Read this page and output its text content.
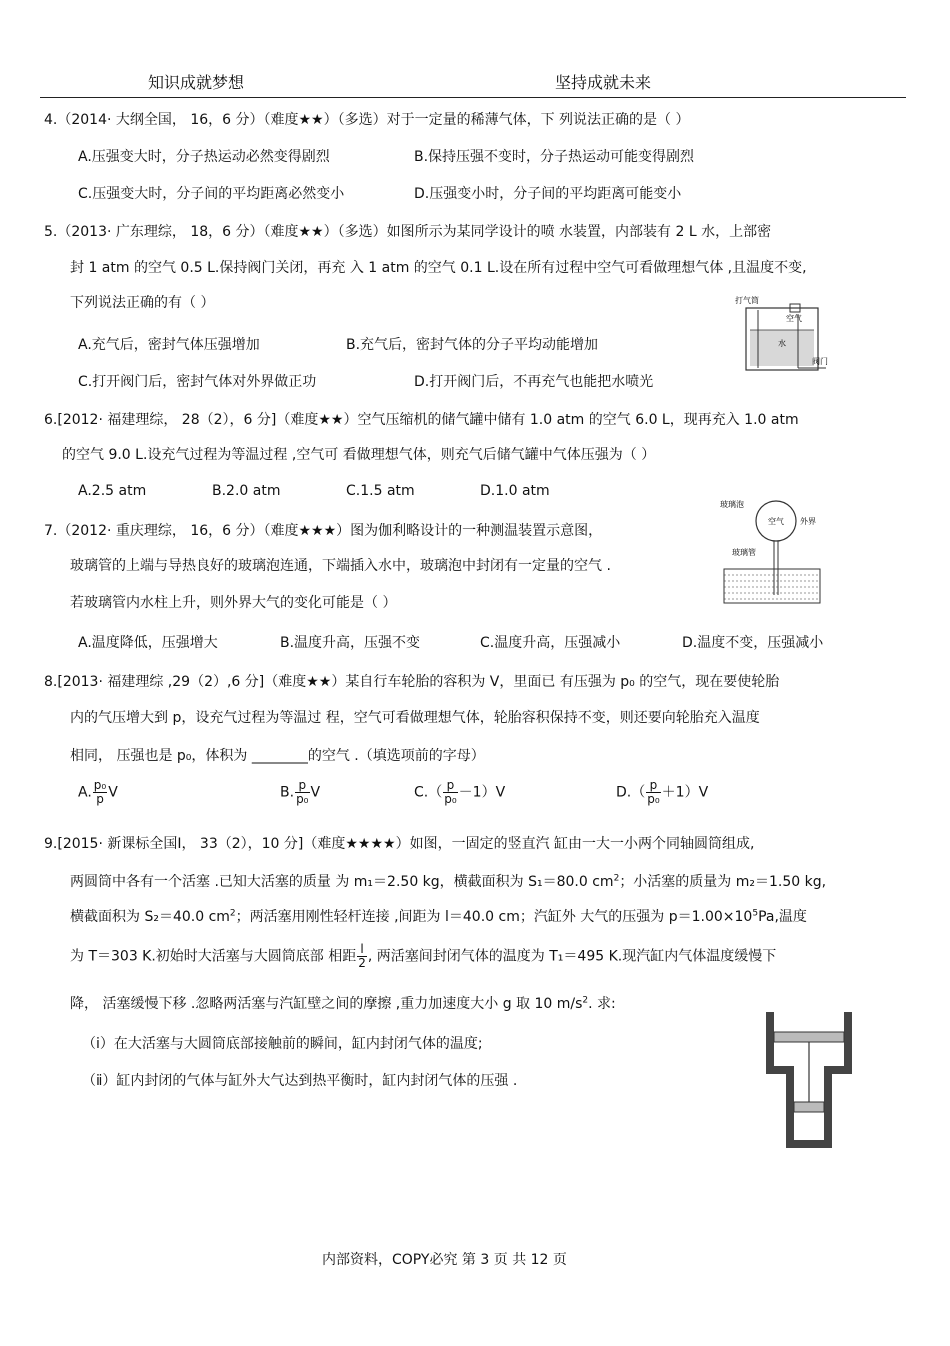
知识成就梦想	坚持成就未来
4.（2014· 大纲全国， 16，6 分）（难度★★）（多选）对于一定量的稀薄气体，下 列说法正确的是（ ）
A.压强变大时，分子热运动必然变得剧烈	B.保持压强不变时，分子热运动可能变得剧烈
C.压强变大时，分子间的平均距离必然变小	D.压强变小时，分子间的平均距离可能变小
5.（2013· 广东理综， 18，6 分）（难度★★）（多选）如图所示为某同学设计的喷 水装置，内部装有 2 L 水，上部密
封 1 atm 的空气 0.5 L.保持阀门关闭，再充 入 1 atm 的空气 0.1 L.设在所有过程中空气可看做理想气体 ,且温度不变,
下列说法正确的有（ ）
A.充气后，密封气体压强增加	B.充气后，密封气体的分子平均动能增加
C.打开阀门后，密封气体对外界做正功	D.打开阀门后，不再充气也能把水喷光
打气筒
空气
水
阀门
6.[2012· 福建理综， 28（2），6 分]（难度★★）空气压缩机的储气罐中储有 1.0 atm 的空气 6.0 L，现再充入 1.0 atm
的空气 9.0 L.设充气过程为等温过程 ,空气可 看做理想气体，则充气后储气罐中气体压强为（ ）
A.2.5 atm	B.2.0 atm	C.1.5 atm	D.1.0 atm
7.（2012· 重庆理综， 16，6 分）（难度★★★）图为伽利略设计的一种测温装置示意图，
玻璃管的上端与导热良好的玻璃泡连通，下端插入水中，玻璃泡中封闭有一定量的空气 .
若玻璃管内水柱上升，则外界大气的变化可能是（ ）
A.温度降低，压强增大	B.温度升高，压强不变	C.温度升高，压强减小	D.温度不变，压强减小
玻璃泡
空气 外界
玻璃管
8.[2013· 福建理综 ,29（2）,6 分]（难度★★）某自行车轮胎的容积为 V，里面已 有压强为 p₀ 的空气，现在要使轮胎
内的气压增大到 p，设充气过程为等温过 程，空气可看做理想气体，轮胎容积保持不变，则还要向轮胎充入温度
相同， 压强也是 p₀，体积为 ________的空气 .（填选项前的字母）
A. $\frac{\text{p₀}}{p}$ V	B. $\frac{p}{\text{p₀}}$ V	$C.( \frac{p}{\text{p₀}} -1)V$	$D.( \frac{p}{\text{p₀}} +1)V$
9.[2015· 新课标全国Ⅰ， 33（2），10 分]（难度★★★★）如图，一固定的竖直汽 缸由一大一小两个同轴圆筒组成,
两圆筒中各有一个活塞 .已知大活塞的质量 为 m₁＝2.50 kg，横截面积为 S₁＝80.0 $cm^2$；小活塞的质量为 m₂＝1.50 kg,
横截面积为 S₂＝40.0 $cm^2$；两活塞用刚性轻杆连接 ,间距为 l＝40.0 cm；汽缸外 大气的压强为 $p=1.00\times 10^5Pa$,温度
为 T＝303 K.初始时大活塞与大圆筒底部 相距 $\frac{l}{2}$ , 两活塞间封闭气体的温度为 T₁＝495 K.现汽缸内气体温度缓慢下
降， 活塞缓慢下移 .忽略两活塞与汽缸壁之间的摩擦 ,重力加速度大小 g 取 10 $m/s^2$. 求:
（ⅰ）在大活塞与大圆筒底部接触前的瞬间，缸内封闭气体的温度;
（ⅱ）缸内封闭的气体与缸外大气达到热平衡时，缸内封闭气体的压强 .
内部资料，COPY必究 第 3 页 共 12 页
